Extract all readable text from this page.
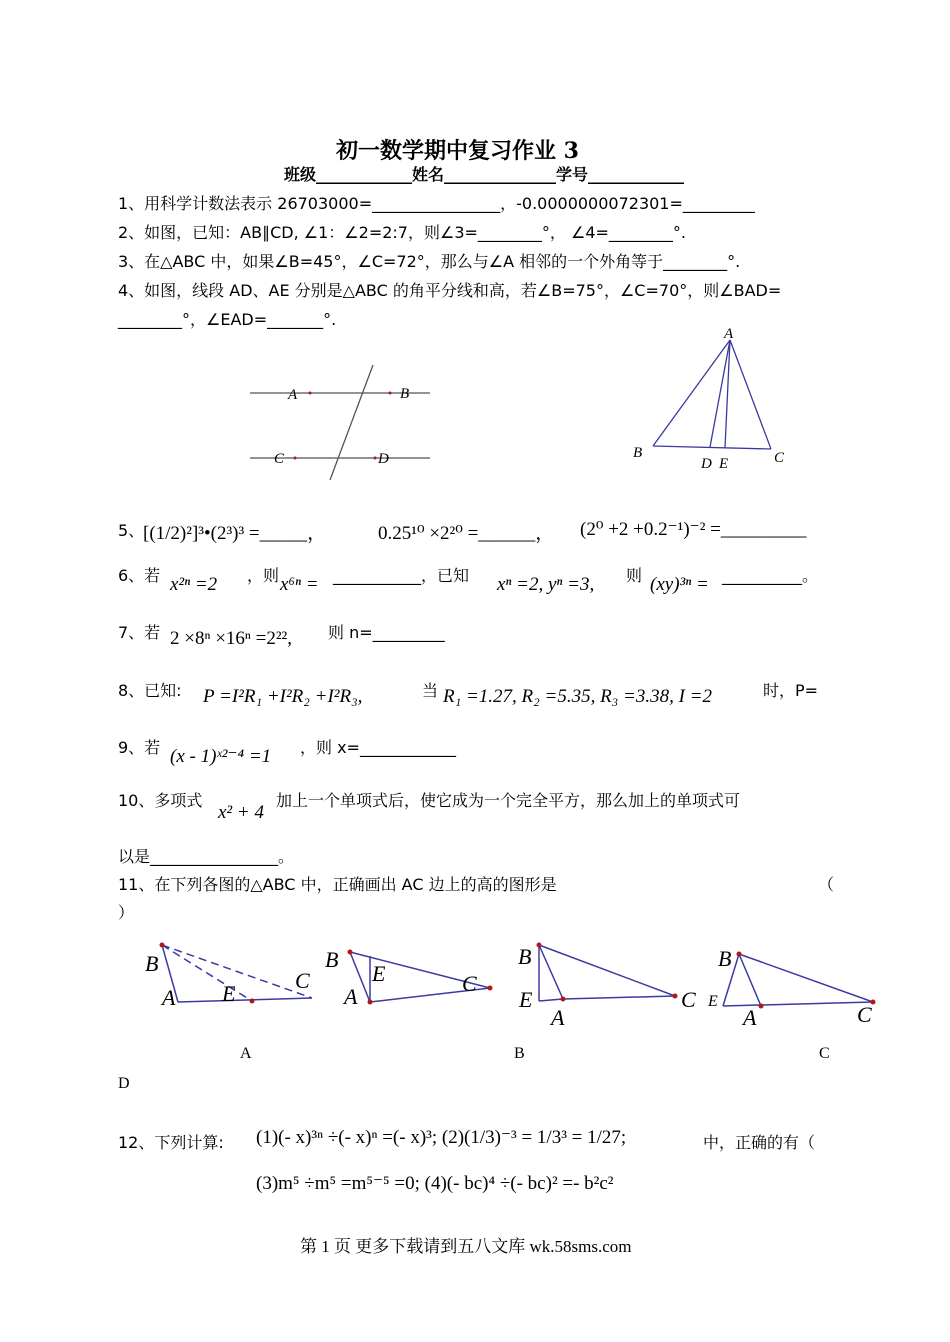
初一数学期中复习作业 3
班级____________姓名______________学号____________
1、用科学计数法表示 26703000=________________，-0.0000000072301=_________
2、如图，已知：AB∥CD, ∠1：∠2=2:7，则∠3=________°， ∠4=________°.
3、在△ABC 中，如果∠B=45°，∠C=72°，那么与∠A 相邻的一个外角等于________°.
4、如图，线段 AD、AE 分别是△ABC 的角平分线和高，若∠B=75°，∠C=70°，则∠BAD=
________°，∠EAD=_______°.
A	B
C	D
A
B	C
D E
5、
[(1/2)²]³•(2³)³ =_____，	0.25¹⁰ ×2²⁰ =______， (2⁰ +2 +0.2⁻¹)⁻² =_________
6、若 x²ⁿ =2 ，则 x⁶ⁿ = ___________，已知 xⁿ =2, yⁿ =3, 则 (xy)³ⁿ = __________。
7、若 2 ×8ⁿ ×16ⁿ =2²², 则 n=_________
8、已知: P =I²R₁ +I²R₂ +I²R₃,	当 R₁ =1.27, R₂ =5.35, R₃ =3.38, I =2	时，P=
9、若 (x - 1)ˣ²⁻⁴ =1 ，则 x=____________
10、多项式
x² + 4
加上一个单项式后，使它成为一个完全平方，那么加上的单项式可
以是________________。
11、在下列各图的△ABC 中，正确画出 AC 边上的高的图形是	（
）
B
A E
C
B
A
E	C
B
E
A
C
B
E
A	C
A	B	C
D
12、下列计算: (1)(- x)³ⁿ ÷(- x)ⁿ =(- x)³; (2)(1/3)⁻³ = 1/3³ = 1/27;	中，正确的有（
(3)m⁵ ÷m⁵ =m⁵⁻⁵ =0; (4)(- bc)⁴ ÷(- bc)² =- b²c²
第 1 页 更多下载请到五八文库 wk.58sms.com
